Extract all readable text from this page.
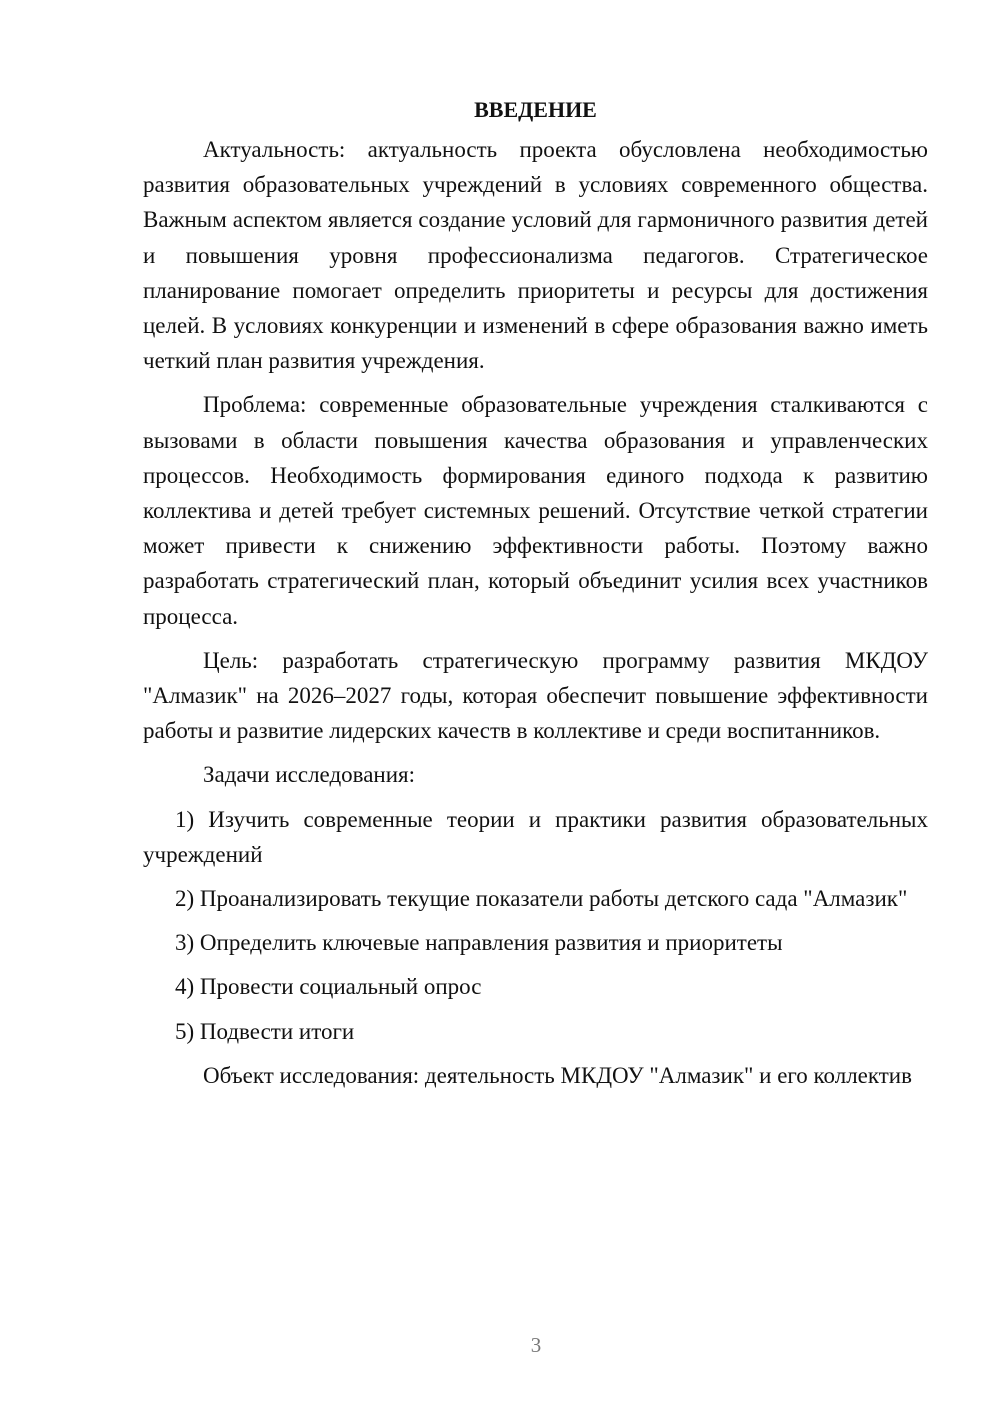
ВВЕДЕНИЕ

Актуальность: актуальность проекта обусловлена необходимостью развития образовательных учреждений в условиях современного общества. Важным аспектом является создание условий для гармоничного развития детей и повышения уровня профессионализма педагогов. Стратегическое планирование помогает определить приоритеты и ресурсы для достижения целей. В условиях конкуренции и изменений в сфере образования важно иметь четкий план развития учреждения.

Проблема: современные образовательные учреждения сталкиваются с вызовами в области повышения качества образования и управленческих процессов. Необходимость формирования единого подхода к развитию коллектива и детей требует системных решений. Отсутствие четкой стратегии может привести к снижению эффективности работы. Поэтому важно разработать стратегический план, который объединит усилия всех участников процесса.

Цель: разработать стратегическую программу развития МКДОУ "Алмазик" на 2026–2027 годы, которая обеспечит повышение эффективности работы и развитие лидерских качеств в коллективе и среди воспитанников.

Задачи исследования:

1) Изучить современные теории и практики развития образовательных учреждений

2) Проанализировать текущие показатели работы детского сада "Алмазик"

3) Определить ключевые направления развития и приоритеты

4) Провести социальный опрос

5) Подвести итоги

Объект исследования: деятельность МКДОУ "Алмазик" и его коллектив

3
